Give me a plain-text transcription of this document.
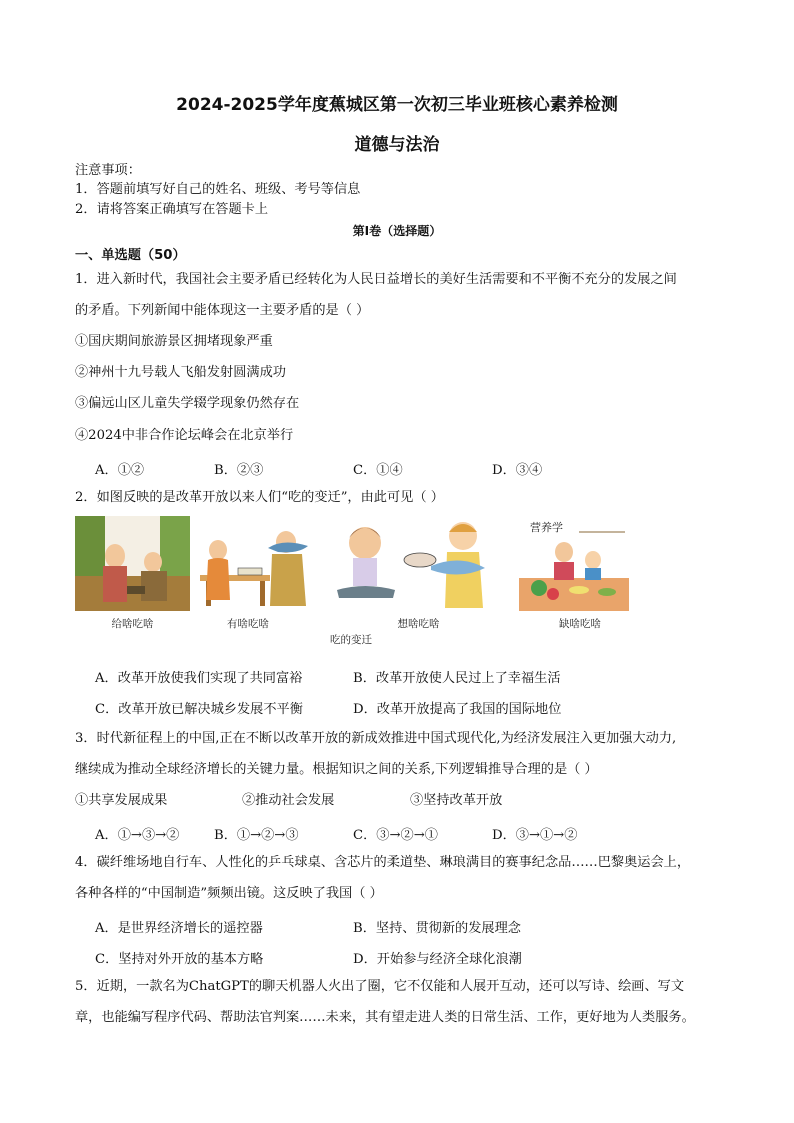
2024-2025学年度蕉城区第一次初三毕业班核心素养检测
道德与法治
注意事项：
1．答题前填写好自己的姓名、班级、考号等信息
2．请将答案正确填写在答题卡上
第Ⅰ卷（选择题）
一、单选题（50）
1．进入新时代，我国社会主要矛盾已经转化为人民日益增长的美好生活需要和不平衡不充分的发展之间
的矛盾。下列新闻中能体现这一主要矛盾的是（ ）
①国庆期间旅游景区拥堵现象严重
②神州十九号载人飞船发射圆满成功
③偏远山区儿童失学辍学现象仍然存在
④2024中非合作论坛峰会在北京举行
A．①②	B．②③	C．①④	D．③④
2．如图反映的是改革开放以来人们“吃的变迁”，由此可见（ ）
给啥吃啥	有啥吃啥	想啥吃啥
吃的变迁
营养学
缺啥吃啥
A．改革开放使我们实现了共同富裕	B．改革开放使人民过上了幸福生活
C．改革开放已解决城乡发展不平衡	D．改革开放提高了我国的国际地位
3．时代新征程上的中国,正在不断以改革开放的新成效推进中国式现代化,为经济发展注入更加强大动力,
继续成为推动全球经济增长的关键力量。根据知识之间的关系,下列逻辑推导合理的是（ ）
①共享发展成果	②推动社会发展	③坚持改革开放
A．①→③→②	B．①→②→③	C．③→②→①	D．③→①→②
4．碳纤维场地自行车、人性化的乒乓球桌、含芯片的柔道垫、琳琅满目的赛事纪念品……巴黎奥运会上，
各种各样的“中国制造”频频出镜。这反映了我国（ ）
A．是世界经济增长的遥控器	B．坚持、贯彻新的发展理念
C．坚持对外开放的基本方略	D．开始参与经济全球化浪潮
5．近期，一款名为ChatGPT的聊天机器人火出了圈，它不仅能和人展开互动，还可以写诗、绘画、写文
章，也能编写程序代码、帮助法官判案……未来，其有望走进人类的日常生活、工作，更好地为人类服务。
